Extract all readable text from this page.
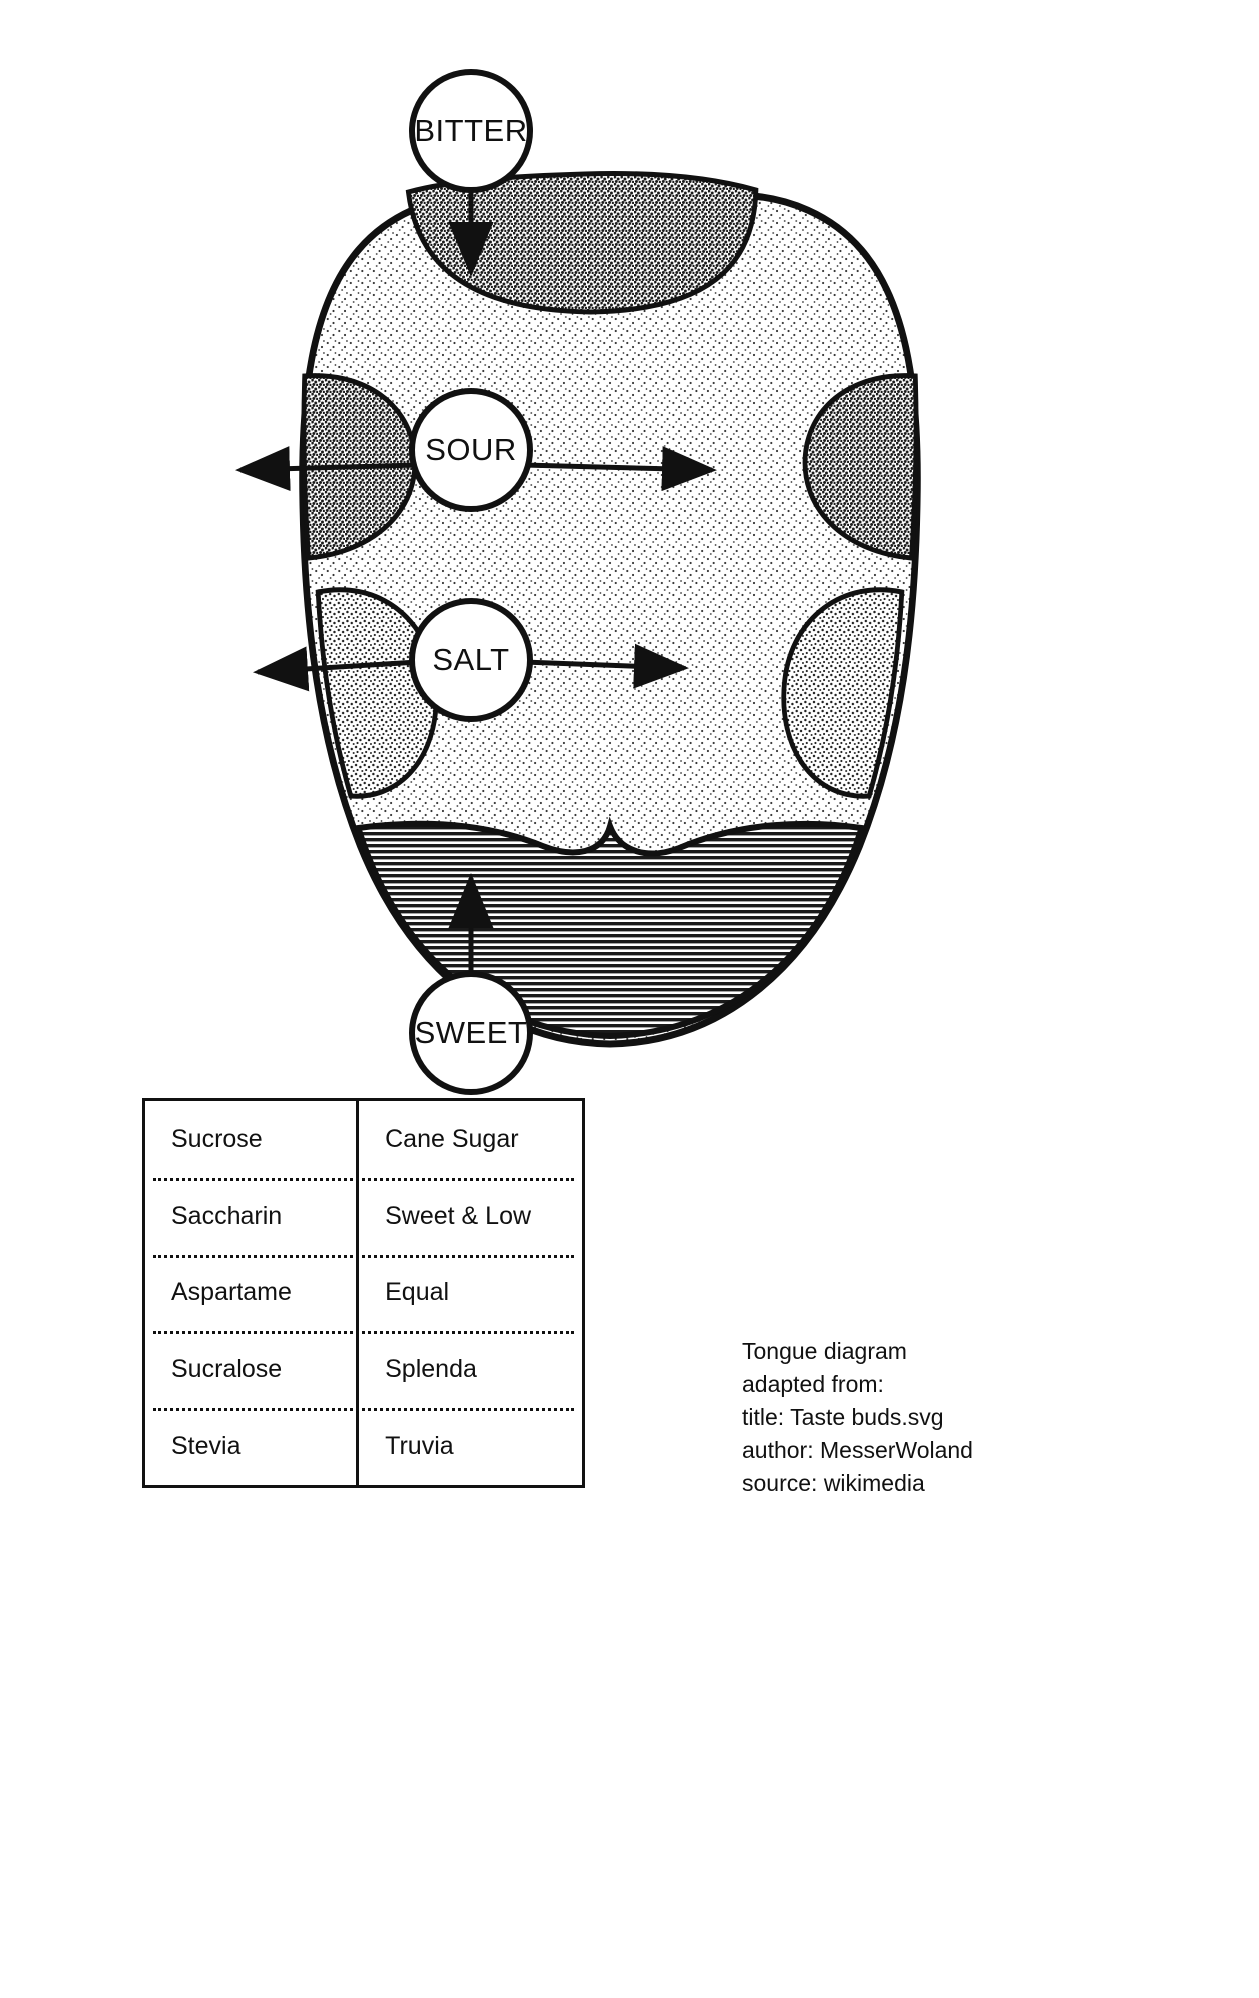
BITTER
SOUR
SALT
SWEET
Sucrose	Cane Sugar
Saccharin	Sweet & Low
Aspartame	Equal
Sucralose	Splenda
Stevia	Truvia
Tongue diagram
adapted from:
title: Taste buds.svg
author: MesserWoland
source: wikimedia
